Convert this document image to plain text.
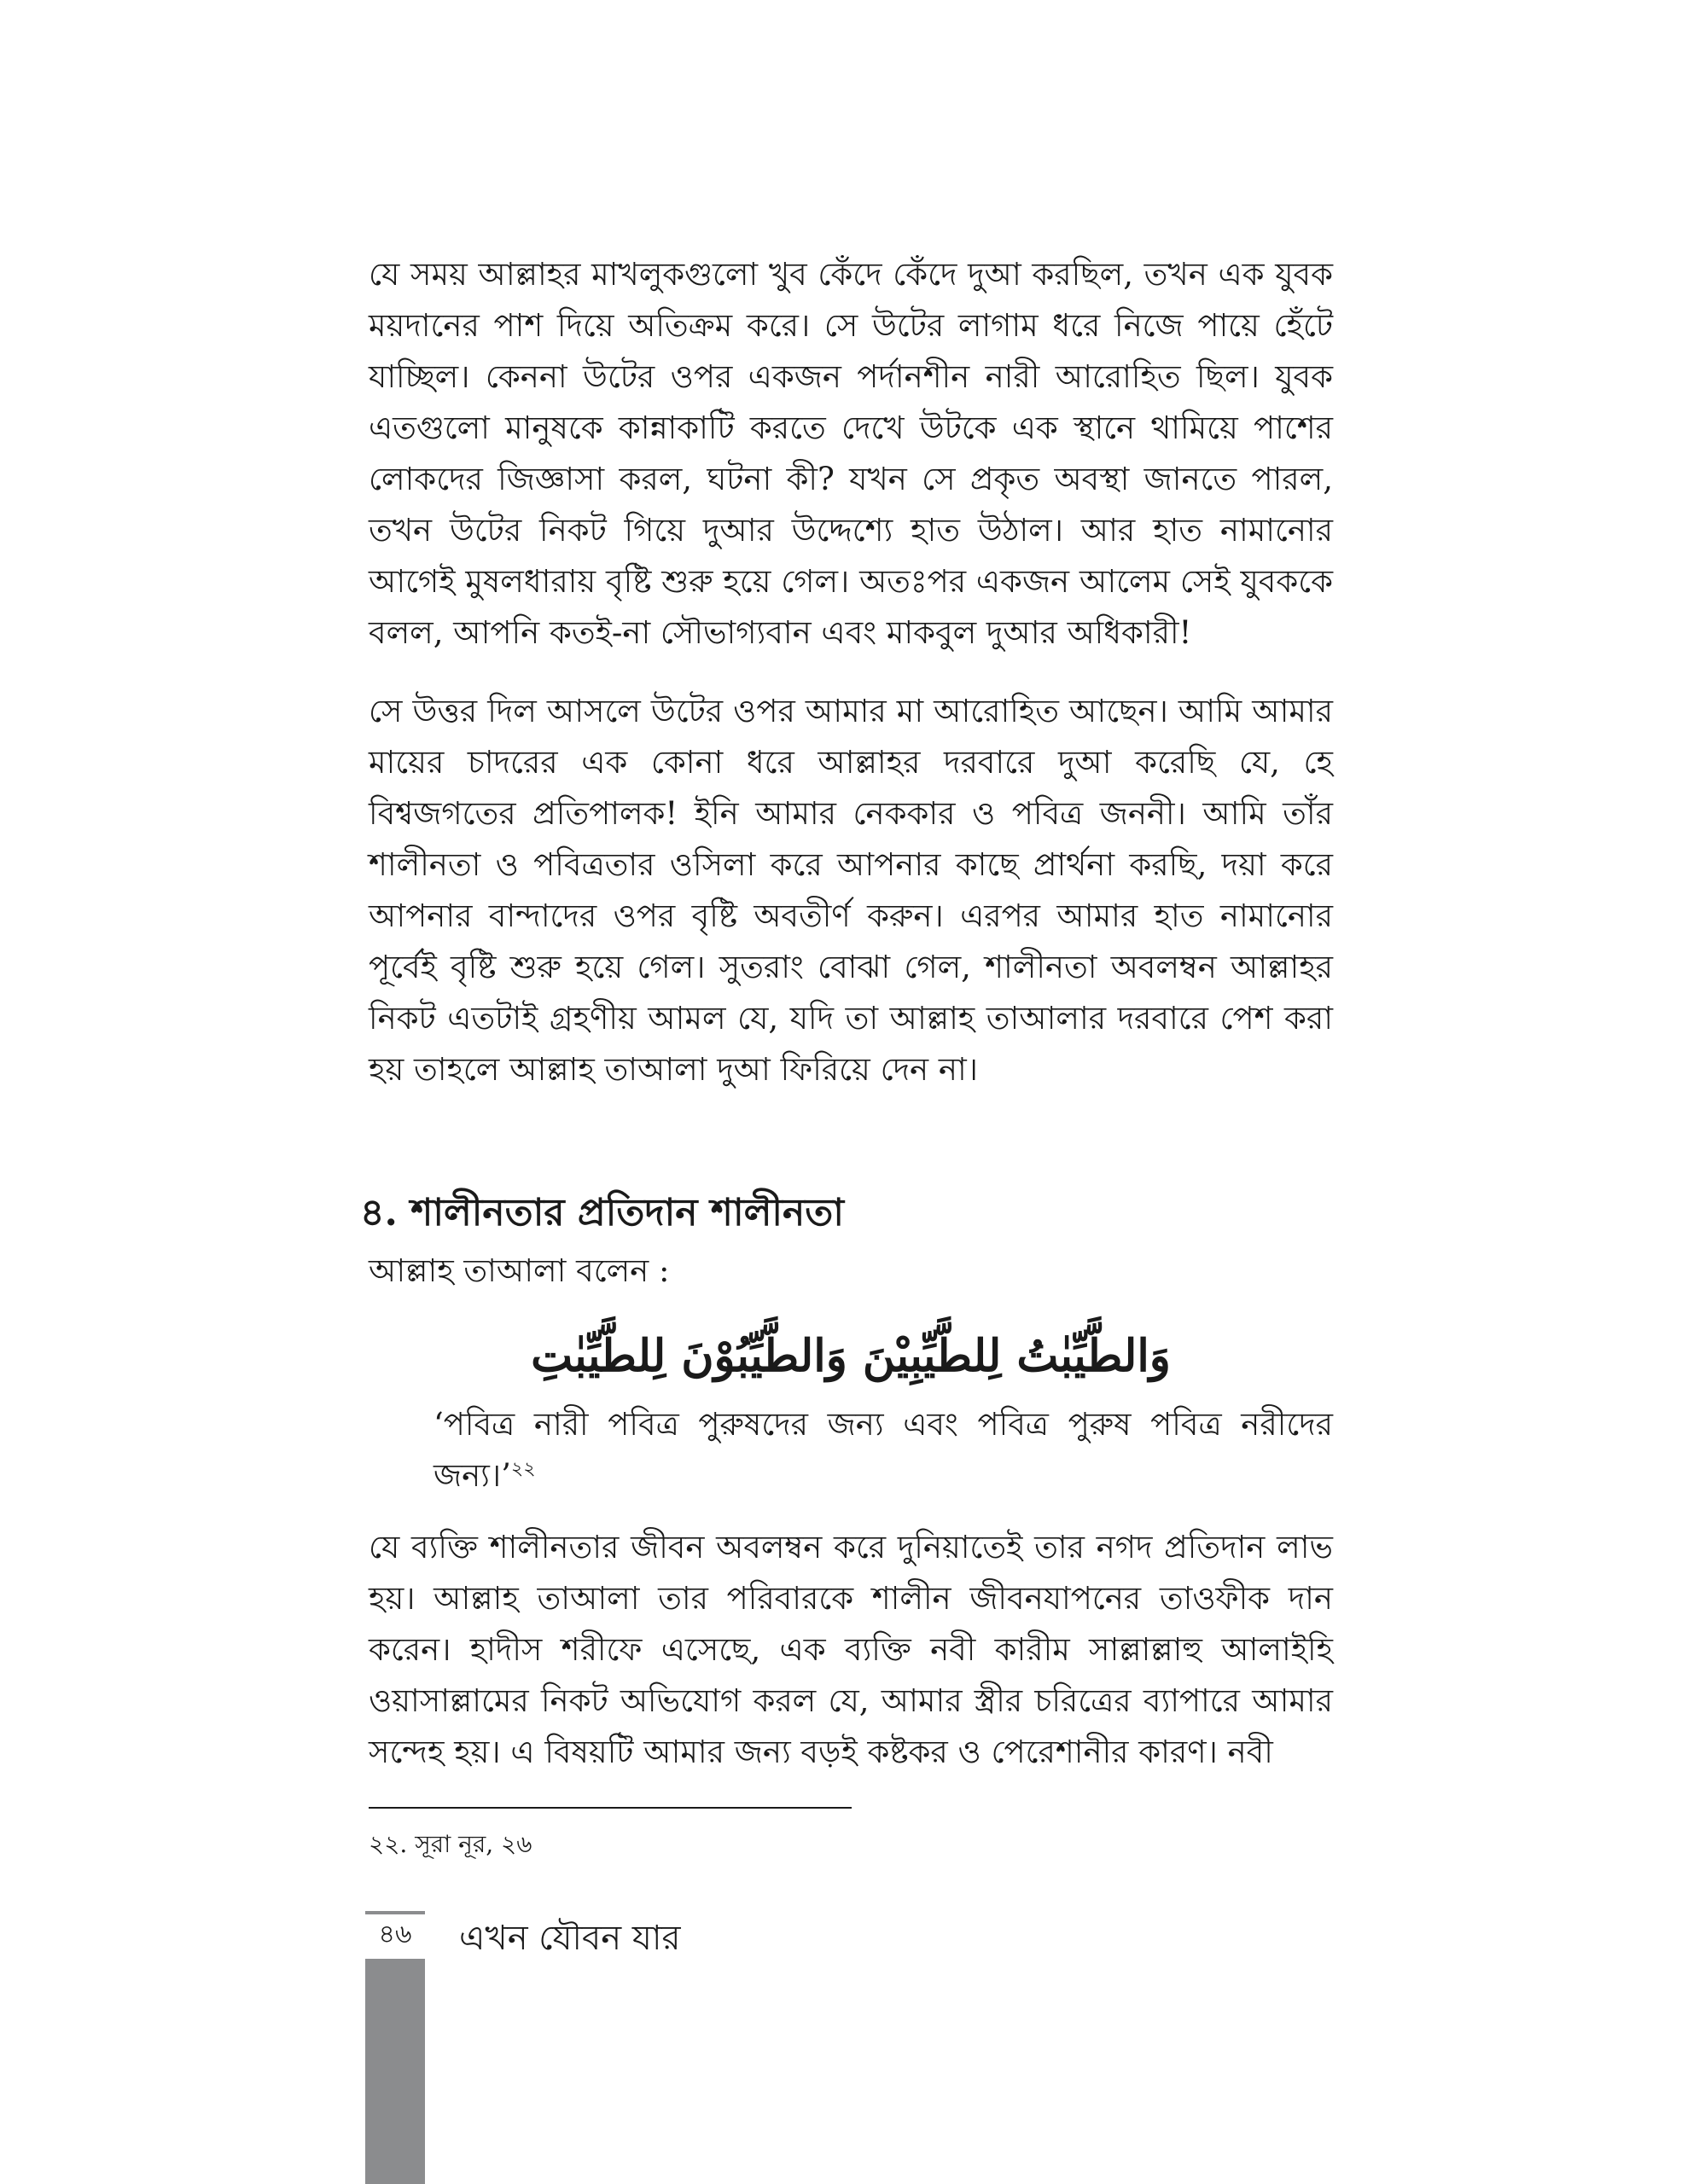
যে সময় আল্লাহর মাখলুকগুলো খুব কেঁদে কেঁদে দুআ করছিল, তখন এক যুবক ময়দানের পাশ দিয়ে অতিক্রম করে। সে উটের লাগাম ধরে নিজে পায়ে হেঁটে যাচ্ছিল। কেননা উটের ওপর একজন পর্দানশীন নারী আরোহিত ছিল। যুবক এতগুলো মানুষকে কান্নাকাটি করতে দেখে উটকে এক স্থানে থামিয়ে পাশের লোকদের জিজ্ঞাসা করল, ঘটনা কী? যখন সে প্রকৃত অবস্থা জানতে পারল, তখন উটের নিকট গিয়ে দুআর উদ্দেশ্যে হাত উঠাল। আর হাত নামানোর আগেই মুষলধারায় বৃষ্টি শুরু হয়ে গেল। অতঃপর একজন আলেম সেই যুবককে বলল, আপনি কতই-না সৌভাগ্যবান এবং মাকবুল দুআর অধিকারী!

সে উত্তর দিল আসলে উটের ওপর আমার মা আরোহিত আছেন। আমি আমার মায়ের চাদরের এক কোনা ধরে আল্লাহর দরবারে দুআ করেছি যে, হে বিশ্বজগতের প্রতিপালক! ইনি আমার নেককার ও পবিত্র জননী। আমি তাঁর শালীনতা ও পবিত্রতার ওসিলা করে আপনার কাছে প্রার্থনা করছি, দয়া করে আপনার বান্দাদের ওপর বৃষ্টি অবতীর্ণ করুন। এরপর আমার হাত নামানোর পূর্বেই বৃষ্টি শুরু হয়ে গেল। সুতরাং বোঝা গেল, শালীনতা অবলম্বন আল্লাহর নিকট এতটাই গ্রহণীয় আমল যে, যদি তা আল্লাহ তাআলার দরবারে পেশ করা হয় তাহলে আল্লাহ তাআলা দুআ ফিরিয়ে দেন না।

৪. শালীনতার প্রতিদান শালীনতা

আল্লাহ তাআলা বলেন :

وَالطَّيِّبٰتُ لِلطَّيِّبِيْنَ وَالطَّيِّبُوْنَ لِلطَّيِّبٰتِ

‘পবিত্র নারী পবিত্র পুরুষদের জন্য এবং পবিত্র পুরুষ পবিত্র নরীদের জন্য।’$^{২২}$

যে ব্যক্তি শালীনতার জীবন অবলম্বন করে দুনিয়াতেই তার নগদ প্রতিদান লাভ হয়। আল্লাহ তাআলা তার পরিবারকে শালীন জীবনযাপনের তাওফীক দান করেন। হাদীস শরীফে এসেছে, এক ব্যক্তি নবী কারীম সাল্লাল্লাহু আলাইহি ওয়াসাল্লামের নিকট অভিযোগ করল যে, আমার স্ত্রীর চরিত্রের ব্যাপারে আমার সন্দেহ হয়। এ বিষয়টি আমার জন্য বড়ই কষ্টকর ও পেরেশানীর কারণ। নবী

২২. সূরা নূর, ২৬

৪৬	এখন যৌবন যার
